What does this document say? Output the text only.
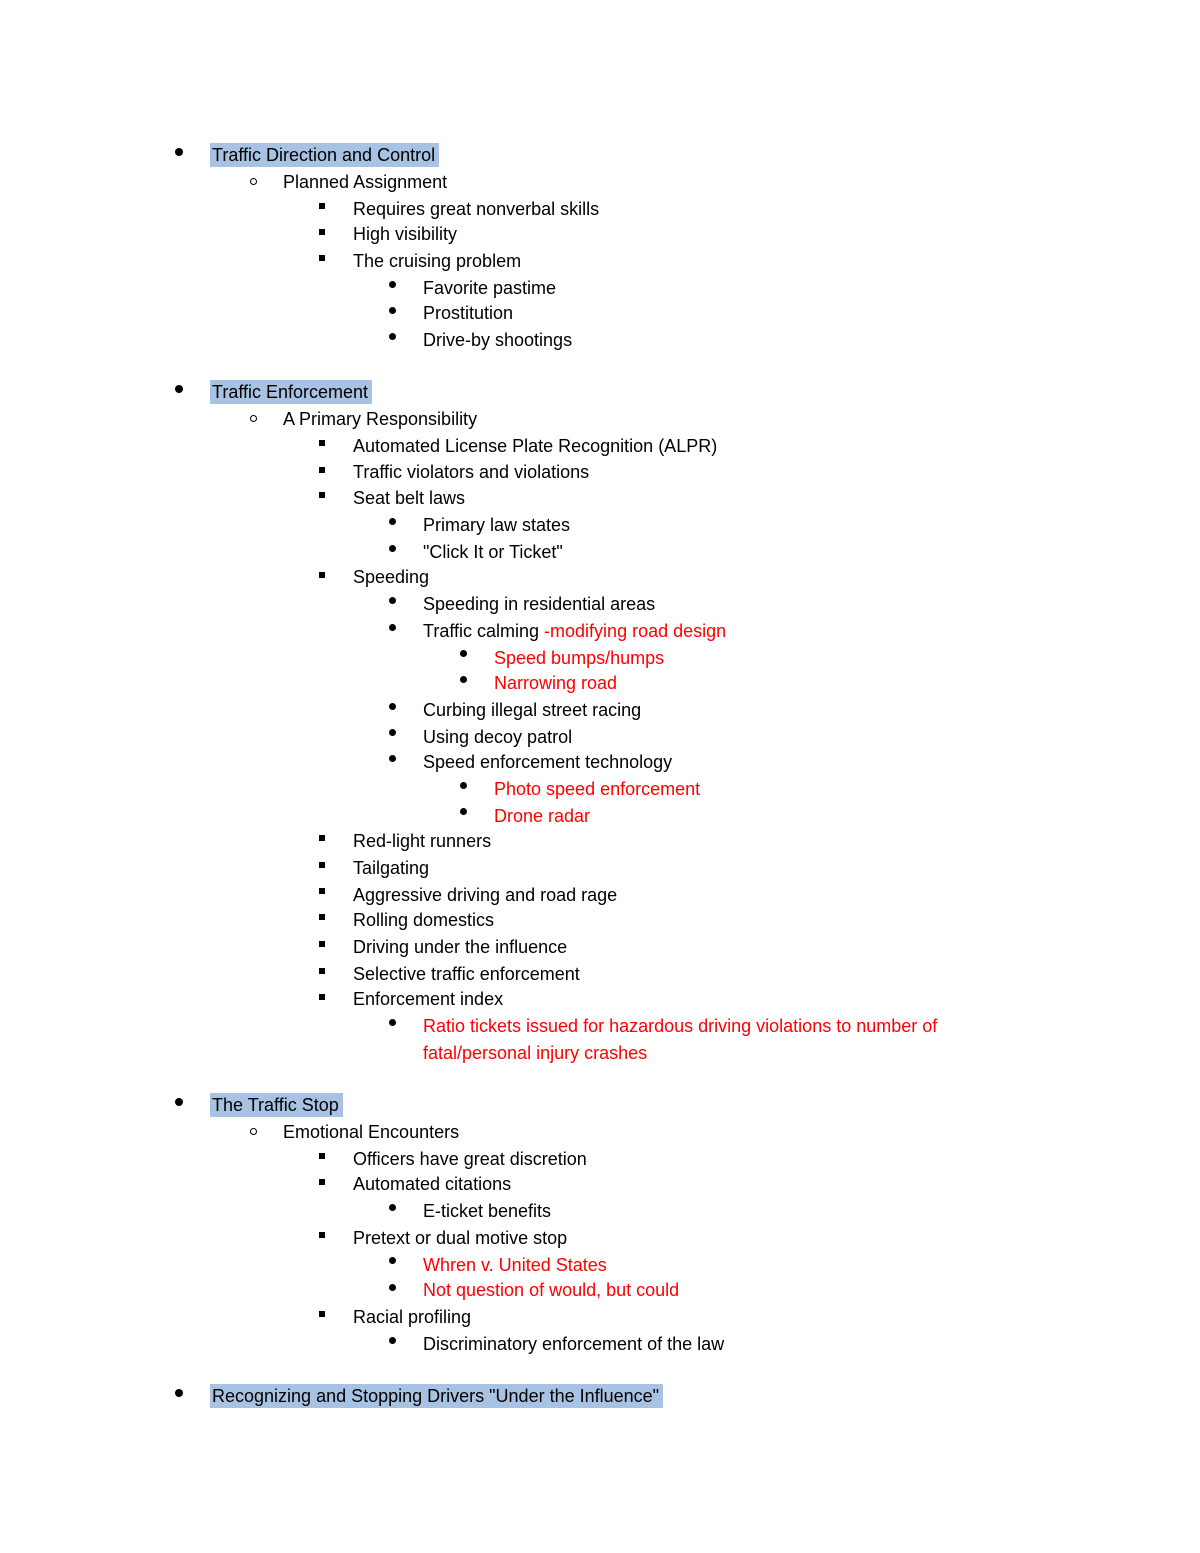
Traffic Direction and Control
Planned Assignment
Requires great nonverbal skills
High visibility
The cruising problem
Favorite pastime
Prostitution
Drive-by shootings
Traffic Enforcement
A Primary Responsibility
Automated License Plate Recognition (ALPR)
Traffic violators and violations
Seat belt laws
Primary law states
"Click It or Ticket"
Speeding
Speeding in residential areas
Traffic calming -modifying road design
Speed bumps/humps
Narrowing road
Curbing illegal street racing
Using decoy patrol
Speed enforcement technology
Photo speed enforcement
Drone radar
Red-light runners
Tailgating
Aggressive driving and road rage
Rolling domestics
Driving under the influence
Selective traffic enforcement
Enforcement index
Ratio tickets issued for hazardous driving violations to number of
fatal/personal injury crashes
The Traffic Stop
Emotional Encounters
Officers have great discretion
Automated citations
E-ticket benefits
Pretext or dual motive stop
Whren v. United States
Not question of would, but could
Racial profiling
Discriminatory enforcement of the law
Recognizing and Stopping Drivers "Under the Influence"
